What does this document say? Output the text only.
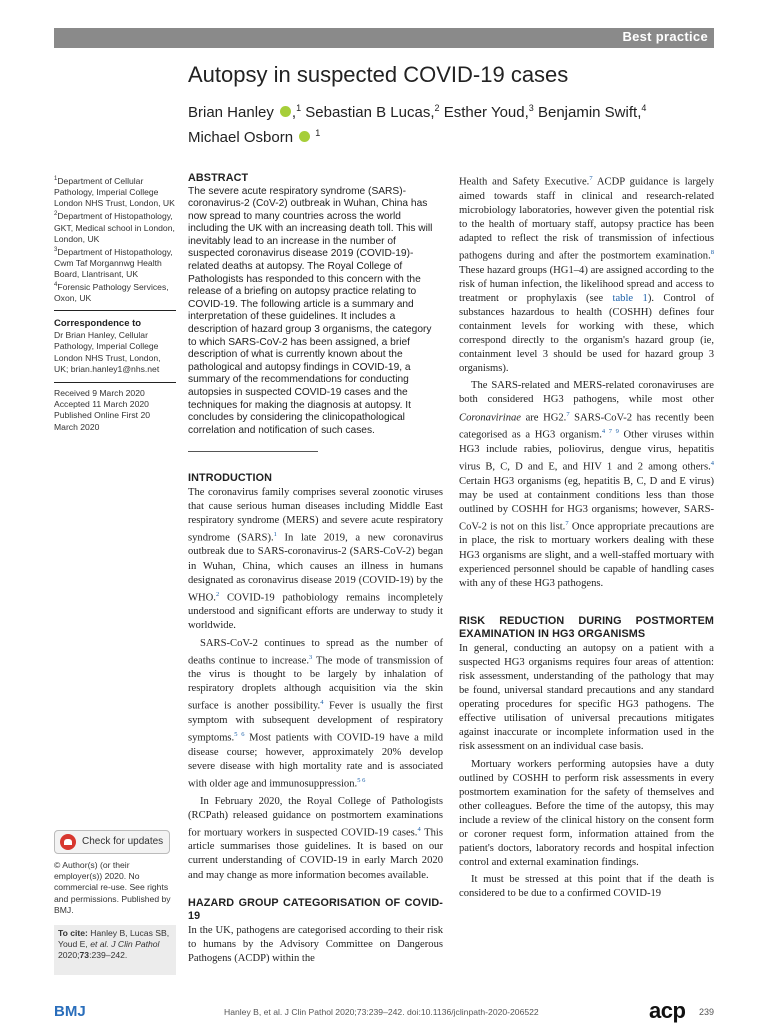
Best practice
Autopsy in suspected COVID-19 cases
Brian Hanley ,$^1$ Sebastian B Lucas,$^2$ Esther Youd,$^3$ Benjamin Swift,$^4$
Michael Osborn $^1$
$^1$Department of Cellular Pathology, Imperial College London NHS Trust, London, UK
$^2$Department of Histopathology, GKT, Medical school in London, London, UK
$^3$Department of Histopathology, Cwm Taf Morgannwg Health Board, Llantrisant, UK
$^4$Forensic Pathology Services, Oxon, UK
Correspondence to
Dr Brian Hanley, Cellular Pathology, Imperial College London NHS Trust, London, UK; brian.hanley1@nhs.net
Received 9 March 2020
Accepted 11 March 2020
Published Online First 20 March 2020
Check for updates
© Author(s) (or their employer(s)) 2020. No commercial re-use. See rights and permissions. Published by BMJ.
To cite: Hanley B, Lucas SB, Youd E, et al. J Clin Pathol 2020;73:239–242.
ABSTRACT
The severe acute respiratory syndrome (SARS)-coronavirus-2 (CoV-2) outbreak in Wuhan, China has now spread to many countries across the world including the UK with an increasing death toll. This will inevitably lead to an increase in the number of suspected coronavirus disease 2019 (COVID-19)-related deaths at autopsy. The Royal College of Pathologists has responded to this concern with the release of a briefing on autopsy practice relating to COVID-19. The following article is a summary and interpretation of these guidelines. It includes a description of hazard group 3 organisms, the category to which SARS-CoV-2 has been assigned, a brief description of what is currently known about the pathological and autopsy findings in COVID-19, a summary of the recommendations for conducting autopsies in suspected COVID-19 cases and the techniques for making the diagnosis at autopsy. It concludes by considering the clinicopathological correlation and notification of such cases.
INTRODUCTION

The coronavirus family comprises several zoonotic viruses that cause serious human diseases including Middle East respiratory syndrome (MERS) and severe acute respiratory syndrome (SARS).$^1$ In late 2019, a new coronavirus outbreak due to SARS-coronavirus-2 (SARS-CoV-2) began in Wuhan, China, which causes an illness in humans designated as coronavirus disease 2019 (COVID-19) by the WHO.$^2$ COVID-19 pathobiology remains incompletely understood and significant efforts are underway to study it worldwide.

SARS-CoV-2 continues to spread as the number of deaths continue to increase.$^3$ The mode of transmission of the virus is thought to be largely by inhalation of respiratory droplets although acquisition via the skin surface is another possibility.$^4$ Fever is usually the first symptom with subsequent development of respiratory symptoms.$^{5 6}$ Most patients with COVID-19 have a mild disease course; however, approximately 20% develop severe disease with high mortality rate and is associated with older age and immunosuppression.$^{5 6}$

In February 2020, the Royal College of Pathologists (RCPath) released guidance on postmortem examinations for mortuary workers in suspected COVID-19 cases.$^4$ This article summarises those guidelines. It is based on our current understanding of COVID-19 in early March 2020 and may change as more information becomes available.

HAZARD GROUP CATEGORISATION OF COVID-19

In the UK, pathogens are categorised according to their risk to humans by the Advisory Committee on Dangerous Pathogens (ACDP) within the

Health and Safety Executive.$^7$ ACDP guidance is largely aimed towards staff in clinical and research-related microbiology laboratories, however given the potential risk to the health of mortuary staff, autopsy practice has been adapted to reflect the risk of transmission of infectious pathogens during and after the postmortem examination.$^8$ These hazard groups (HG1–4) are assigned according to the risk of human infection, the likelihood spread and access to treatment or prophylaxis (see table 1). Control of substances hazardous to health (COSHH) defines four containment levels for working with these, which correspond directly to the organism's hazard group (ie, containment level 3 should be used for hazard group 3 organisms).

The SARS-related and MERS-related coronaviruses are both considered HG3 pathogens, while most other Coronavirinae are HG2.$^7$ SARS-CoV-2 has recently been categorised as a HG3 organism.$^{4 7 9}$ Other viruses within HG3 include rabies, poliovirus, dengue virus, hepatitis virus B, C, D and E, and HIV 1 and 2 among others.$^4$ Certain HG3 organisms (eg, hepatitis B, C, D and E virus) may be used at containment conditions less than those outlined by COSHH for HG3 organisms; however, SARS-CoV-2 is not on this list.$^7$ Once appropriate precautions are in place, the risk to mortuary workers dealing with these HG3 organisms are slight, and a well-staffed mortuary with experienced personnel should be capable of handling cases with any of these HG3 pathogens.

RISK REDUCTION DURING POSTMORTEM EXAMINATION IN HG3 ORGANISMS

In general, conducting an autopsy on a patient with a suspected HG3 organisms requires four areas of attention: risk assessment, understanding of the pathology that may be found, universal standard precautions and any standard operating procedures for specific HG3 pathogens. The effective utilisation of universal precautions mitigates against inaccurate or incomplete information used in the risk assessment on an individual case basis.

Mortuary workers performing autopsies have a duty outlined by COSHH to perform risk assessments in every postmortem examination for the safety of themselves and other colleagues. Before the time of the autopsy, this may include a review of the clinical history on the consent form or coroner request form, information attained from the patient's doctors, laboratory records and hospital infection control and external examination findings.

It must be stressed at this point that if the death is considered to be due to a confirmed COVID-19

BMJ	Hanley B, et al. J Clin Pathol 2020;73:239–242. doi:10.1136/jclinpath-2020-206522	acp 239
